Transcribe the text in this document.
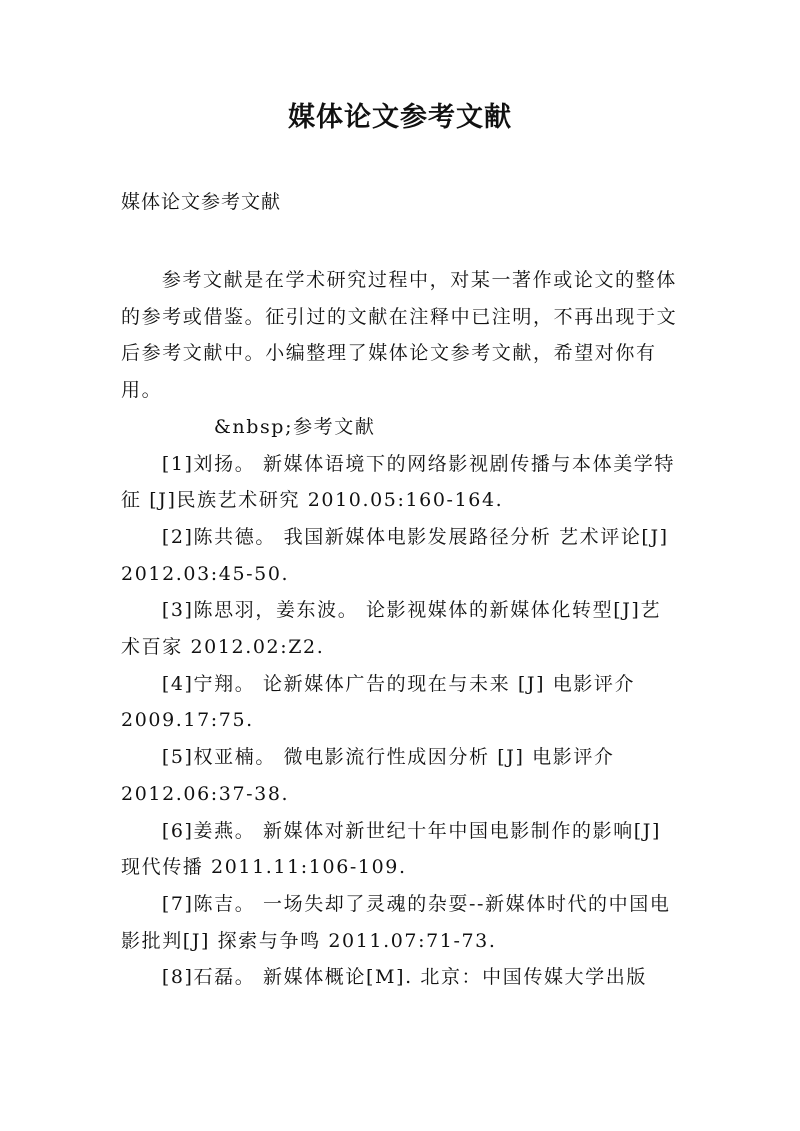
媒体论文参考文献
媒体论文参考文献

参考文献是在学术研究过程中，对某一著作或论文的整体的参考或借鉴。征引过的文献在注释中已注明，不再出现于文后参考文献中。小编整理了媒体论文参考文献，希望对你有用。

&nbsp;参考文献

[1]刘扬。 新媒体语境下的网络影视剧传播与本体美学特征 [J]民族艺术研究 2010.05:160-164.

[2]陈共德。 我国新媒体电影发展路径分析 艺术评论[J] 2012.03:45-50.

[3]陈思羽，姜东波。 论影视媒体的新媒体化转型[J]艺术百家 2012.02:Z2.

[4]宁翔。 论新媒体广告的现在与未来 [J] 电影评介2009.17:75.

[5]权亚楠。 微电影流行性成因分析 [J] 电影评介2012.06:37-38.

[6]姜燕。 新媒体对新世纪十年中国电影制作的影响[J] 现代传播 2011.11:106-109.

[7]陈吉。 一场失却了灵魂的杂耍--新媒体时代的中国电影批判[J] 探索与争鸣 2011.07:71-73.

[8]石磊。 新媒体概论[M]. 北京：中国传媒大学出版
